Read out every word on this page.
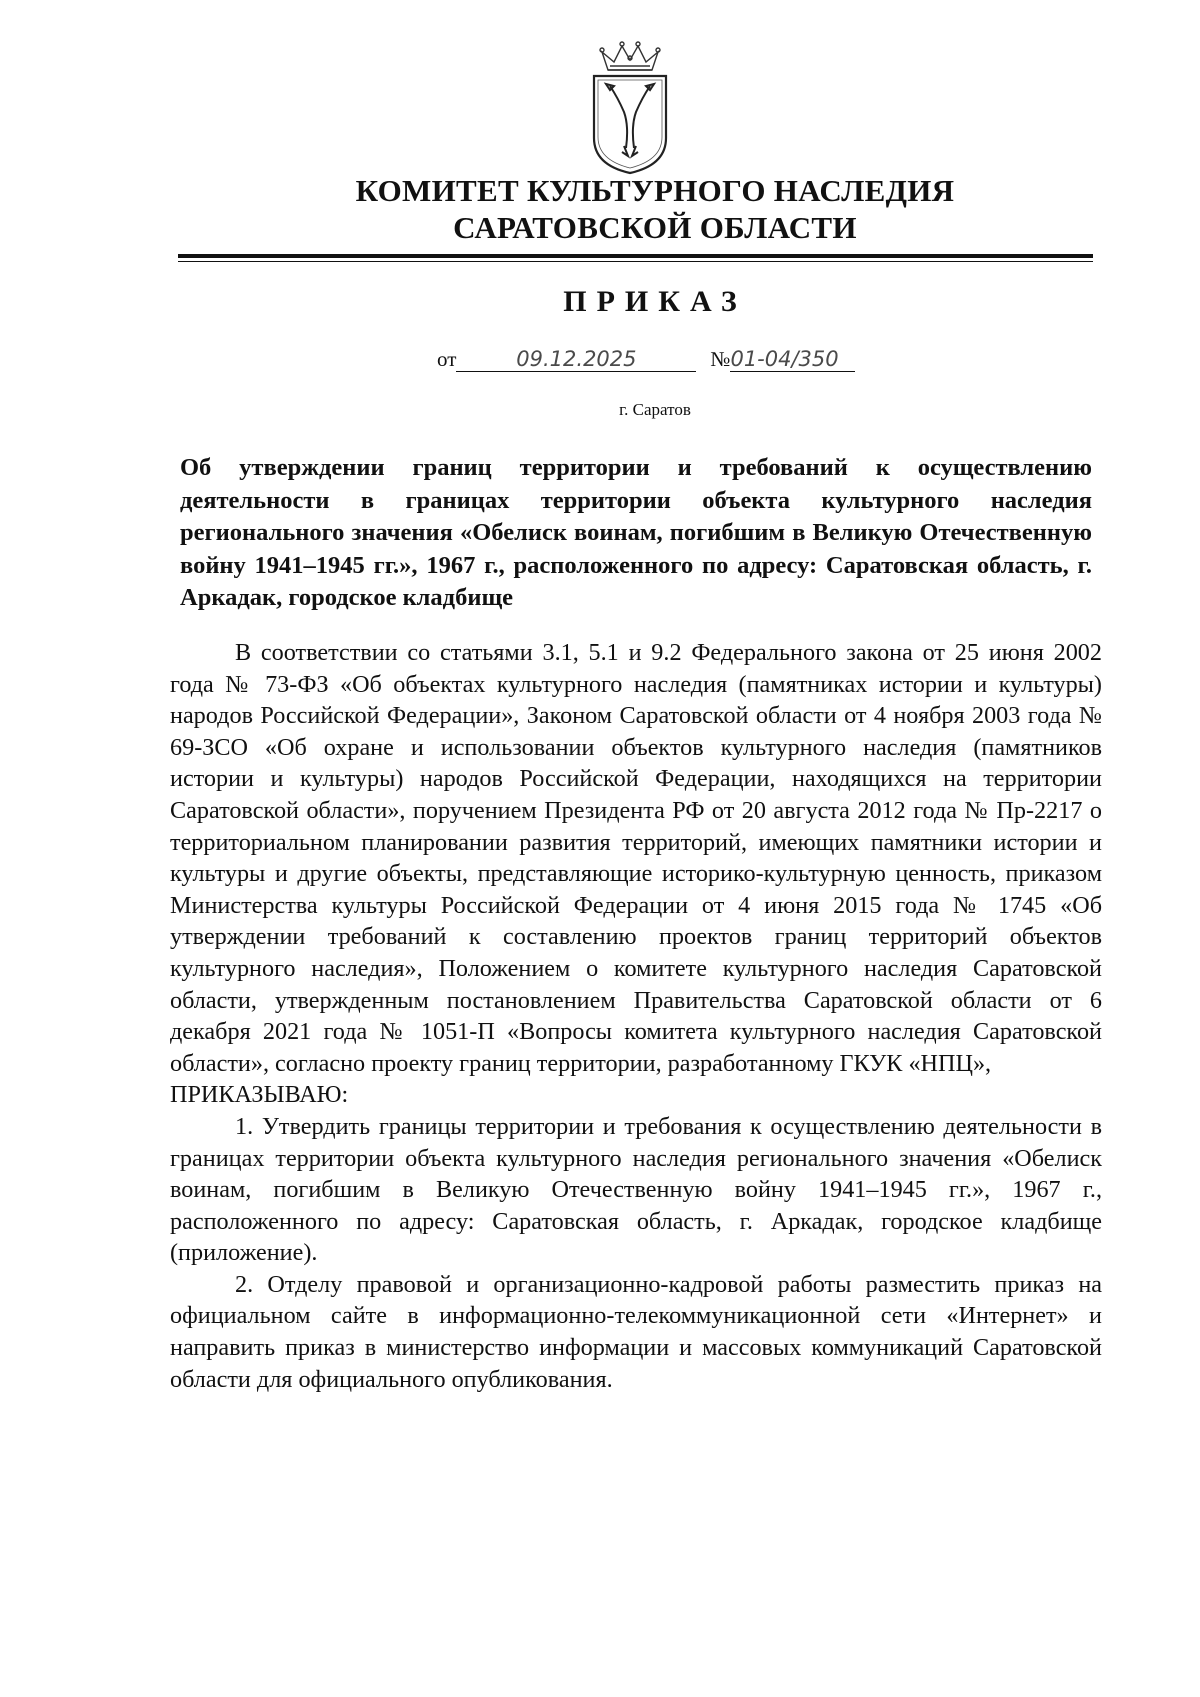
КОМИТЕТ КУЛЬТУРНОГО НАСЛЕДИЯ
САРАТОВСКОЙ ОБЛАСТИ
ПРИКАЗ
от	09.12.2025	№01-04/350
г. Саратов
Об утверждении границ территории и требований к осуществлению деятельности в границах территории объекта культурного наследия регионального значения «Обелиск воинам, погибшим в Великую Отечественную войну 1941–1945 гг.», 1967 г., расположенного по адресу: Саратовская область, г. Аркадак, городское кладбище

В соответствии со статьями 3.1, 5.1 и 9.2 Федерального закона от 25 июня 2002 года № 73-ФЗ «Об объектах культурного наследия (памятниках истории и культуры) народов Российской Федерации», Законом Саратовской области от 4 ноября 2003 года № 69-ЗСО «Об охране и использовании объектов культурного наследия (памятников истории и культуры) народов Российской Федерации, находящихся на территории Саратовской области», поручением Президента РФ от 20 августа 2012 года № Пр-2217 о территориальном планировании развития территорий, имеющих памятники истории и культуры и другие объекты, представляющие историко-культурную ценность, приказом Министерства культуры Российской Федерации от 4 июня 2015 года № 1745 «Об утверждении требований к составлению проектов границ территорий объектов культурного наследия», Положением о комитете культурного наследия Саратовской области, утвержденным постановлением Правительства Саратовской области от 6 декабря 2021 года № 1051-П «Вопросы комитета культурного наследия Саратовской области», согласно проекту границ территории, разработанному ГКУК «НПЦ»,

ПРИКАЗЫВАЮ:

1. Утвердить границы территории и требования к осуществлению деятельности в границах территории объекта культурного наследия регионального значения «Обелиск воинам, погибшим в Великую Отечественную войну 1941–1945 гг.», 1967 г., расположенного по адресу: Саратовская область, г. Аркадак, городское кладбище (приложение).

2. Отделу правовой и организационно-кадровой работы разместить приказ на официальном сайте в информационно-телекоммуникационной сети «Интернет» и направить приказ в министерство информации и массовых коммуникаций Саратовской области для официального опубликования.
